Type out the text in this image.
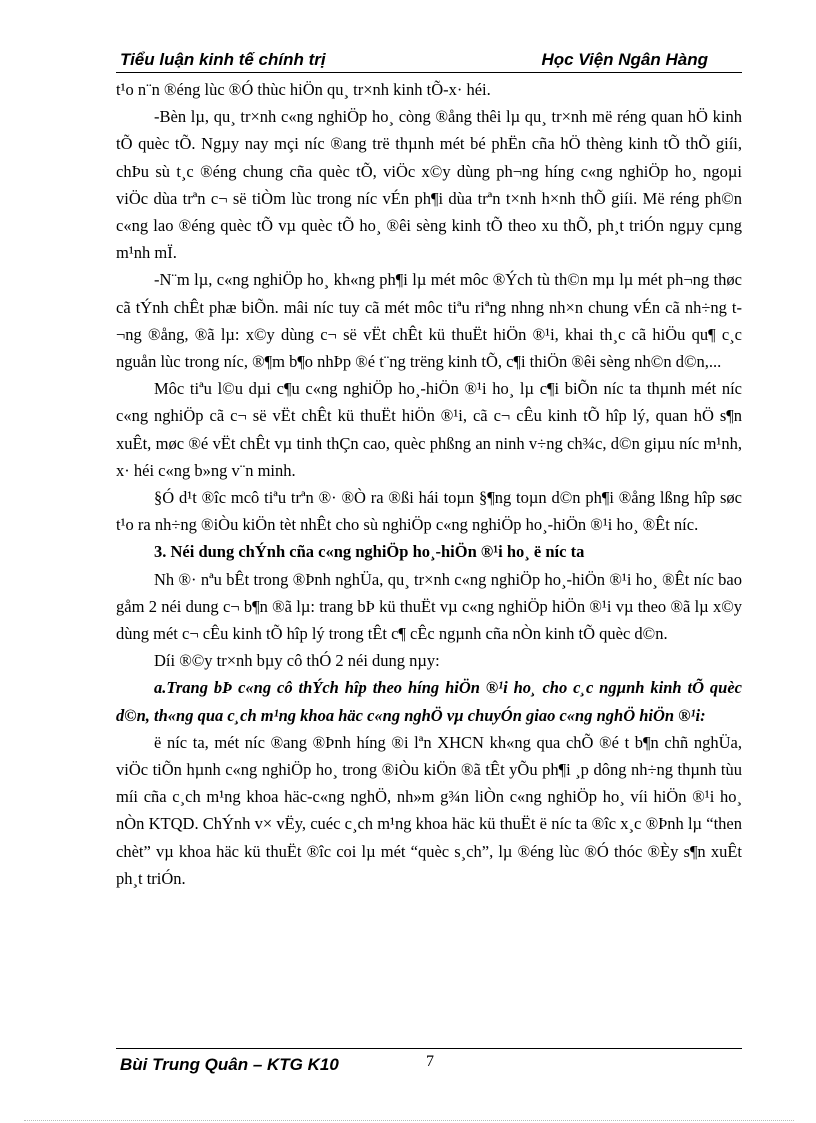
Tiểu luận kinh tế chính trị	Học Viện Ngân Hàng

t¹o n¨n ®éng lùc ®Ó thùc hiÖn qu¸ tr×nh kinh tÕ-x· héi.

-Bèn lµ, qu¸ tr×nh c«ng nghiÖp ho¸ còng ®ång thêi lµ qu¸ tr×nh më réng quan hÖ kinh tÕ quèc tÕ. Ngµy nay mçi níc ®ang trë thµnh mét bé phËn cña hÖ thèng kinh tÕ thÕ giíi, chÞu sù t¸c ®éng chung cña quèc tÕ, viÖc x©y dùng ph¬ng híng c«ng nghiÖp ho¸ ngoµi viÖc dùa trªn c¬ së tiÒm lùc trong níc vÉn ph¶i dùa trªn t×nh h×nh thÕ giíi. Më réng ph©n c«ng lao ®éng quèc tÕ vµ quèc tÕ ho¸ ®êi sèng kinh tÕ theo xu thÕ, ph¸t triÓn ngµy cµng m¹nh mÏ.

-N¨m lµ, c«ng nghiÖp ho¸ kh«ng ph¶i lµ mét môc ®Ých tù th©n mµ lµ mét ph¬ng thøc cã tÝnh chÊt phæ biÕn. mâi níc tuy cã mét môc tiªu riªng nhng nh×n chung vÉn cã nh÷ng t¬ng ®ång, ®ã lµ: x©y dùng c¬ së vËt chÊt kü thuËt hiÖn ®¹i, khai th¸c cã hiÖu qu¶ c¸c nguån lùc trong níc, ®¶m b¶o nhÞp ®é t¨ng trëng kinh tÕ, c¶i thiÖn ®êi sèng nh©n d©n,...

Môc tiªu l©u dµi c¶u c«ng nghiÖp ho¸-hiÖn ®¹i ho¸ lµ c¶i biÕn níc ta thµnh mét níc c«ng nghiÖp cã c¬ së vËt chÊt kü thuËt hiÖn ®¹i, cã c¬ cÊu kinh tÕ hîp lý, quan hÖ s¶n xuÊt, møc ®é vËt chÊt vµ tinh thÇn cao, quèc phßng an ninh v÷ng ch¾c, d©n giµu níc m¹nh, x· héi c«ng b»ng v¨n minh.

§Ó d¹t ®îc mcô tiªu trªn ®· ®Ò ra ®ßi hái toµn §¶ng toµn d©n ph¶i ®ång lßng hîp søc t¹o ra nh÷ng ®iÒu kiÖn tèt nhÊt cho sù nghiÖp c«ng nghiÖp ho¸-hiÖn ®¹i ho¸ ®Êt níc.

3. Néi dung chÝnh cña c«ng nghiÖp ho¸-hiÖn ®¹i ho¸ ë níc ta

Nh ®· nªu bÊt trong ®Þnh nghÜa, qu¸ tr×nh c«ng nghiÖp ho¸-hiÖn ®¹i ho¸ ®Êt níc bao gåm 2 néi dung c¬ b¶n ®ã lµ: trang bÞ kü thuËt vµ c«ng nghiÖp hiÖn ®¹i vµ theo ®ã lµ x©y dùng mét c¬ cÊu kinh tÕ hîp lý trong tÊt c¶ cÊc ngµnh cña nÒn kinh tÕ quèc d©n.

Díi ®©y tr×nh bµy cô thÓ 2 néi dung nµy:

a.Trang bÞ c«ng cô thÝch hîp theo híng hiÖn ®¹i ho¸ cho c¸c ngµnh kinh tÕ quèc d©n, th«ng qua c¸ch m¹ng khoa häc c«ng nghÖ vµ chuyÓn giao c«ng nghÖ hiÖn ®¹i:

ë níc ta, mét níc ®ang ®Þnh híng ®i lªn XHCN kh«ng qua chÕ ®é t b¶n chñ nghÜa, viÖc tiÕn hµnh c«ng nghiÖp ho¸ trong ®iÒu kiÖn ®ã tÊt yÕu ph¶i ¸p dông nh÷ng thµnh tùu míi cña c¸ch m¹ng khoa häc-c«ng nghÖ, nh»m g¾n liÒn c«ng nghiÖp ho¸ víi hiÖn ®¹i ho¸ nÒn KTQD. ChÝnh v× vËy, cuéc c¸ch m¹ng khoa häc kü thuËt ë níc ta ®îc x¸c ®Þnh lµ “then chèt” vµ khoa häc kü thuËt ®îc coi lµ mét “quèc s¸ch”, lµ ®éng lùc ®Ó thóc ®Èy s¶n xuÊt ph¸t triÓn.

Bùi Trung Quân – KTG K10	7
